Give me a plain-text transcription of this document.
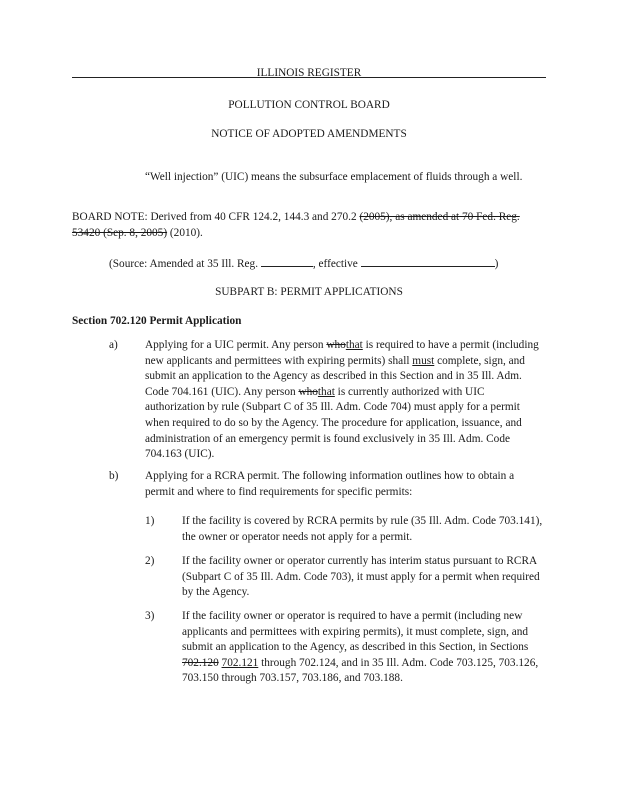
ILLINOIS REGISTER
POLLUTION CONTROL BOARD
NOTICE OF ADOPTED AMENDMENTS
“Well injection” (UIC) means the subsurface emplacement of fluids through a well.
BOARD NOTE: Derived from 40 CFR 124.2, 144.3 and 270.2 (2005), as amended at 70 Fed. Reg. 53420 (Sep. 8, 2005) (2010).
(Source: Amended at 35 Ill. Reg.	, effective	)
SUBPART B: PERMIT APPLICATIONS
Section 702.120 Permit Application
a) Applying for a UIC permit. Any person whothat is required to have a permit (including new applicants and permittees with expiring permits) shall must complete, sign, and submit an application to the Agency as described in this Section and in 35 Ill. Adm. Code 704.161 (UIC). Any person whothat is currently authorized with UIC authorization by rule (Subpart C of 35 Ill. Adm. Code 704) must apply for a permit when required to do so by the Agency. The procedure for application, issuance, and administration of an emergency permit is found exclusively in 35 Ill. Adm. Code 704.163 (UIC).
b) Applying for a RCRA permit. The following information outlines how to obtain a permit and where to find requirements for specific permits:
1) If the facility is covered by RCRA permits by rule (35 Ill. Adm. Code 703.141), the owner or operator needs not apply for a permit.
2) If the facility owner or operator currently has interim status pursuant to RCRA (Subpart C of 35 Ill. Adm. Code 703), it must apply for a permit when required by the Agency.
3) If the facility owner or operator is required to have a permit (including new applicants and permittees with expiring permits), it must complete, sign, and submit an application to the Agency, as described in this Section, in Sections 702.120 702.121 through 702.124, and in 35 Ill. Adm. Code 703.125, 703.126, 703.150 through 703.157, 703.186, and 703.188.
